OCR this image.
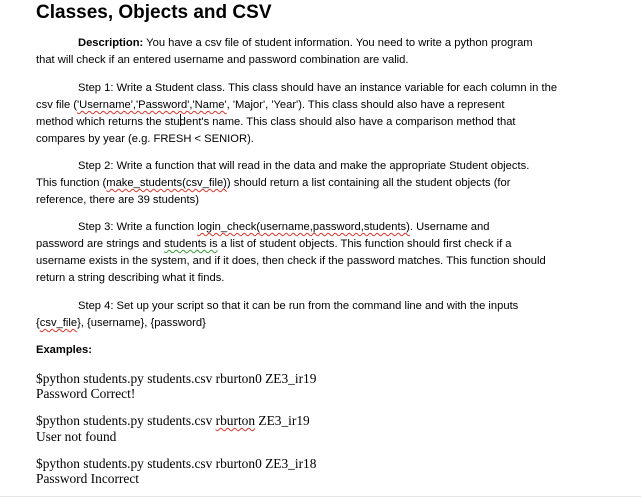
Classes, Objects and CSV
Description: You have a csv file of student information. You need to write a python program
that will check if an entered username and password combination are valid.
Step 1: Write a Student class. This class should have an instance variable for each column in the
csv file ('Username','Password','Name', 'Major', 'Year'). This class should also have a represent
method which returns the student's name. This class should also have a comparison method that
compares by year (e.g. FRESH < SENIOR).
Step 2: Write a function that will read in the data and make the appropriate Student objects.
This function (make_students(csv_file)) should return a list containing all the student objects (for
reference, there are 39 students)
Step 3: Write a function login_check(username,password,students). Username and
password are strings and students is a list of student objects. This function should first check if a
username exists in the system, and if it does, then check if the password matches. This function should
return a string describing what it finds.
Step 4: Set up your script so that it can be run from the command line and with the inputs
{csv_file}, {username}, {password}
Examples:
$python students.py students.csv rburton0 ZE3_ir19
Password Correct!
$python students.py students.csv rburton ZE3_ir19
User not found
$python students.py students.csv rburton0 ZE3_ir18
Password Incorrect
